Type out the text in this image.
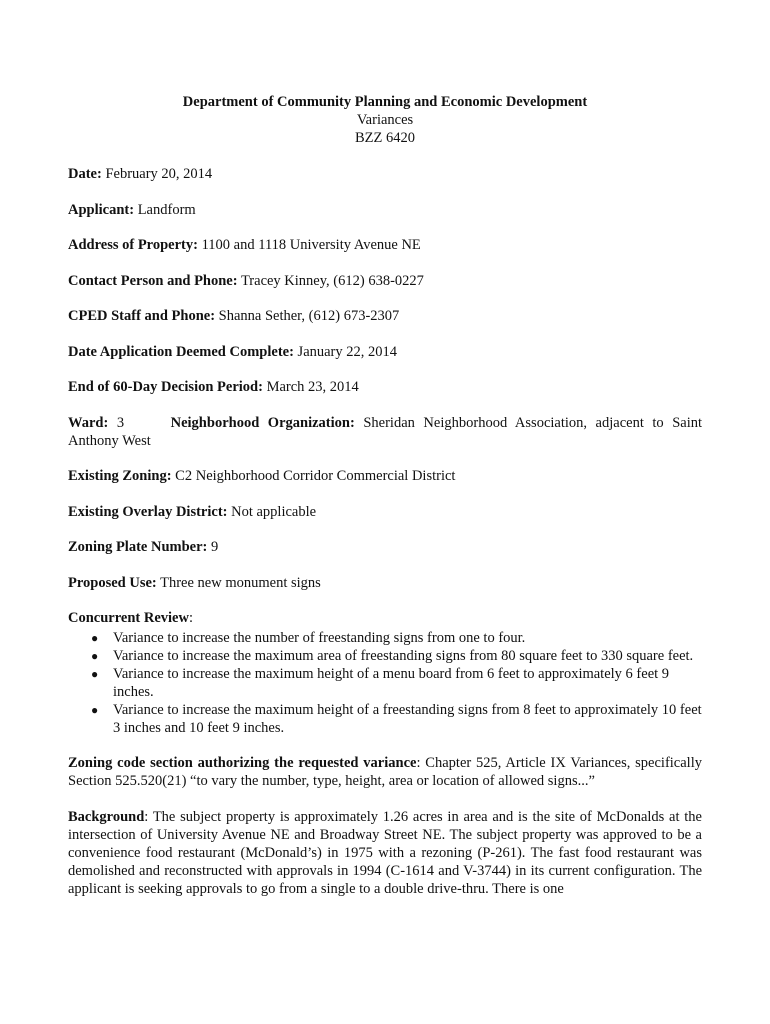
Department of Community Planning and Economic Development
Variances
BZZ 6420
Date: February 20, 2014
Applicant: Landform
Address of Property: 1100 and 1118 University Avenue NE
Contact Person and Phone: Tracey Kinney, (612) 638-0227
CPED Staff and Phone: Shanna Sether, (612) 673-2307
Date Application Deemed Complete: January 22, 2014
End of 60-Day Decision Period: March 23, 2014
Ward: 3	Neighborhood Organization: Sheridan Neighborhood Association, adjacent to Saint Anthony West
Existing Zoning: C2 Neighborhood Corridor Commercial District
Existing Overlay District: Not applicable
Zoning Plate Number: 9
Proposed Use: Three new monument signs
Concurrent Review:
● Variance to increase the number of freestanding signs from one to four.
● Variance to increase the maximum area of freestanding signs from 80 square feet to 330 square feet.
● Variance to increase the maximum height of a menu board from 6 feet to approximately 6 feet 9 inches.
● Variance to increase the maximum height of a freestanding signs from 8 feet to approximately 10 feet 3 inches and 10 feet 9 inches.
Zoning code section authorizing the requested variance: Chapter 525, Article IX Variances, specifically Section 525.520(21) “to vary the number, type, height, area or location of allowed signs...”
Background: The subject property is approximately 1.26 acres in area and is the site of McDonalds at the intersection of University Avenue NE and Broadway Street NE. The subject property was approved to be a convenience food restaurant (McDonald’s) in 1975 with a rezoning (P-261). The fast food restaurant was demolished and reconstructed with approvals in 1994 (C-1614 and V-3744) in its current configuration. The applicant is seeking approvals to go from a single to a double drive-thru. There is one
